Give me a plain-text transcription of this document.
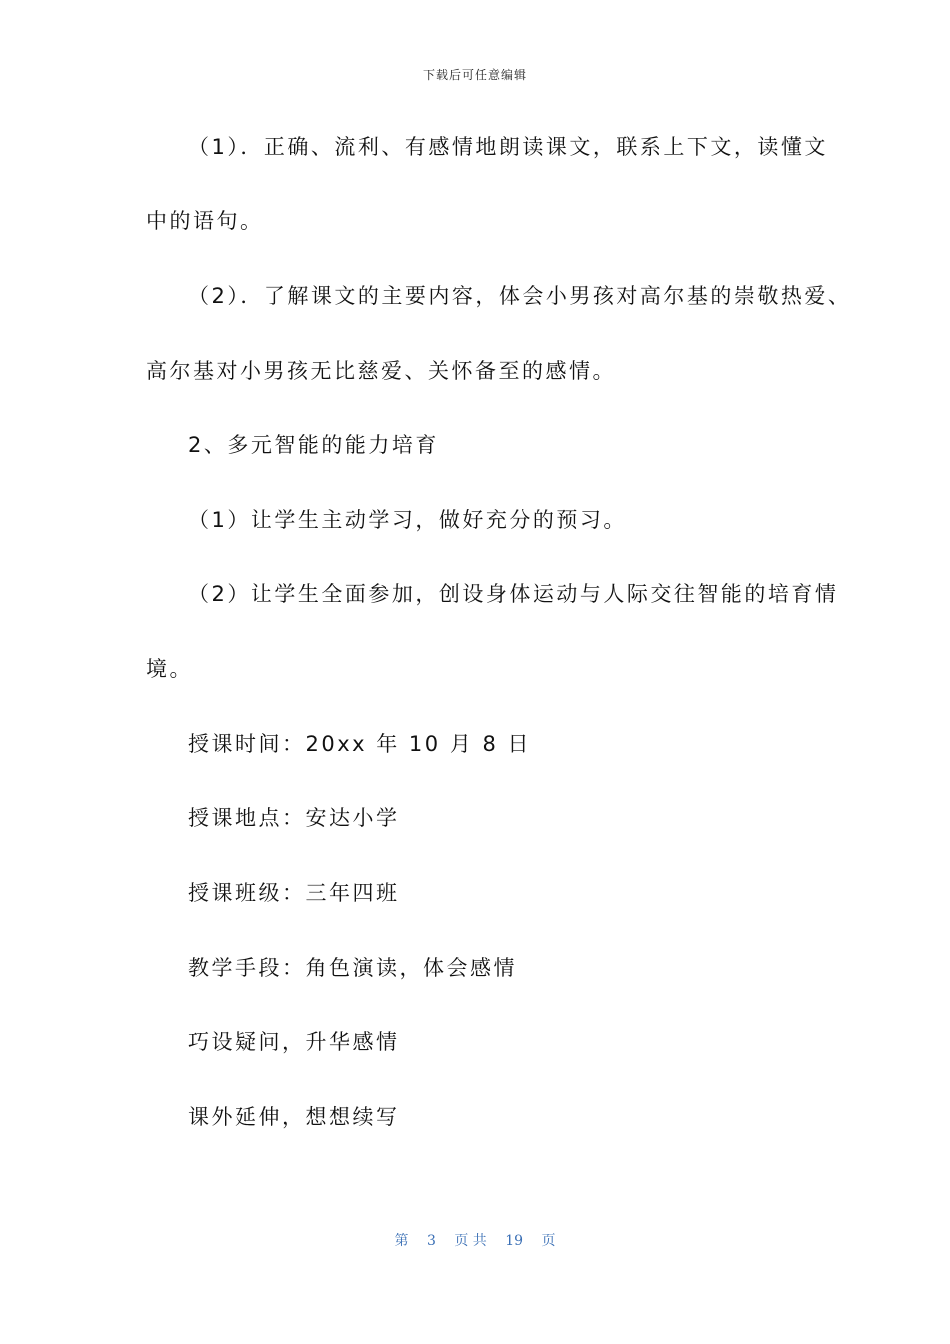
下载后可任意编辑
（1）．正确、流利、有感情地朗读课文，联系上下文，读懂文
中的语句。
（2）．了解课文的主要内容，体会小男孩对高尔基的崇敬热爱、
高尔基对小男孩无比慈爱、关怀备至的感情。
2、多元智能的能力培育
（1）让学生主动学习，做好充分的预习。
（2）让学生全面参加，创设身体运动与人际交往智能的培育情
境。
授课时间：20xx 年 10 月 8 日
授课地点：安达小学
授课班级：三年四班
教学手段：角色演读，体会感情
巧设疑问，升华感情
课外延伸，想想续写
第 3 页 共 19 页
